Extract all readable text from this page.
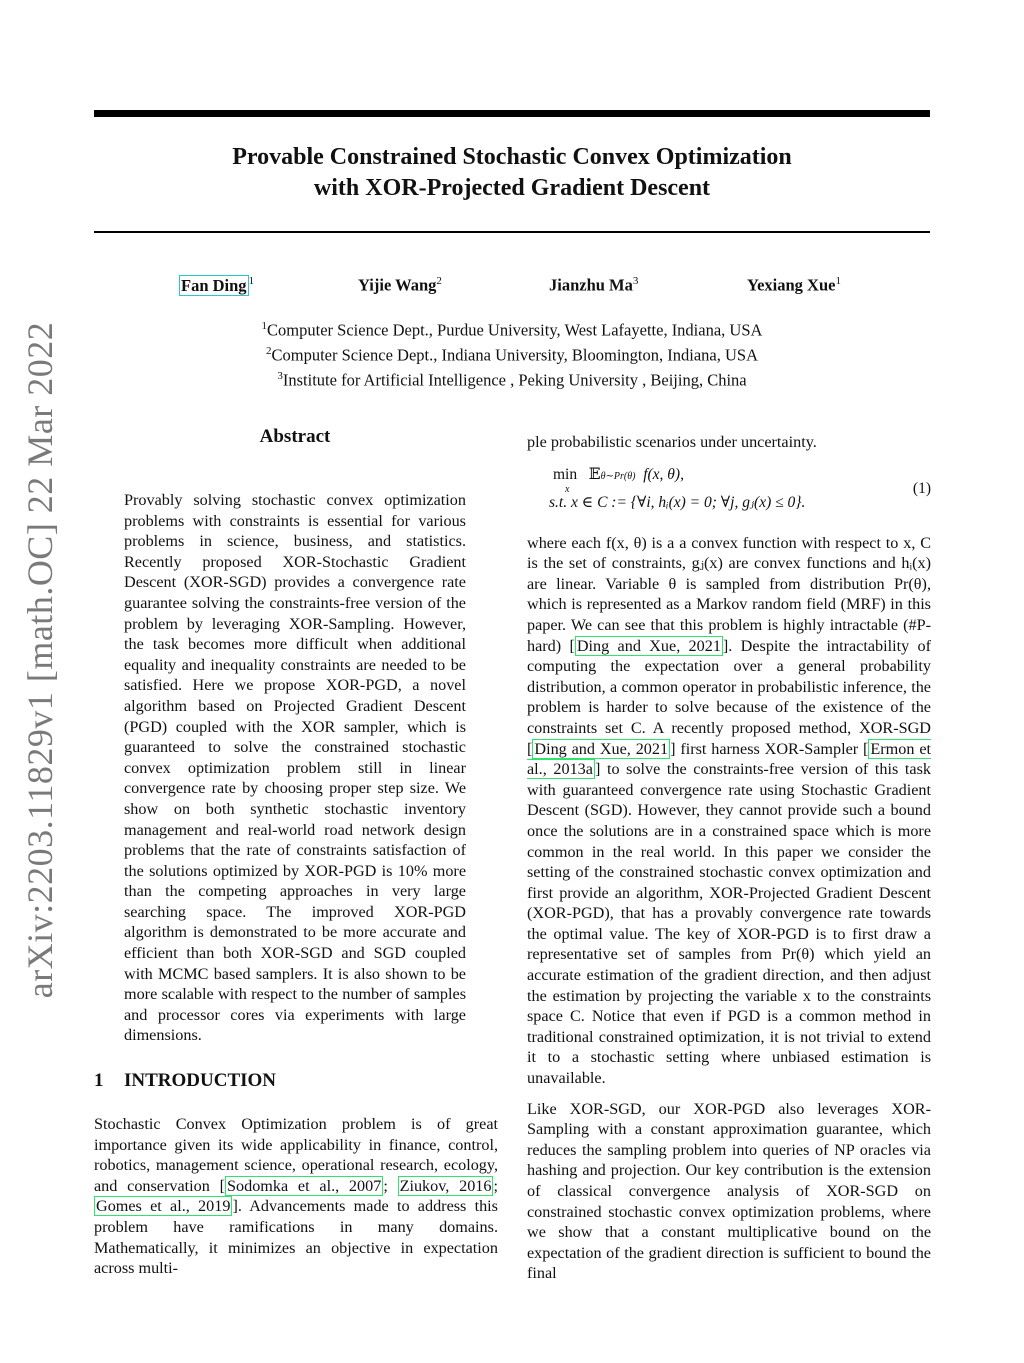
arXiv:2203.11829v1 [math.OC] 22 Mar 2022
Provable Constrained Stochastic Convex Optimization
with XOR-Projected Gradient Descent
Fan Ding $^1$	Yijie Wang$^2$	Jianzhu Ma$^3$	Yexiang Xue$^1$
$^1$Computer Science Dept., Purdue University, West Lafayette, Indiana, USA
$^2$Computer Science Dept., Indiana University, Bloomington, Indiana, USA
$^3$Institute for Artificial Intelligence , Peking University , Beijing, China
Abstract
Provably solving stochastic convex optimization problems with constraints is essential for various problems in science, business, and statistics. Recently proposed XOR-Stochastic Gradient Descent (XOR-SGD) provides a convergence rate guarantee solving the constraints-free version of the problem by leveraging XOR-Sampling. However, the task becomes more difficult when additional equality and inequality constraints are needed to be satisfied. Here we propose XOR-PGD, a novel algorithm based on Projected Gradient Descent (PGD) coupled with the XOR sampler, which is guaranteed to solve the constrained stochastic convex optimization problem still in linear convergence rate by choosing proper step size. We show on both synthetic stochastic inventory management and real-world road network design problems that the rate of constraints satisfaction of the solutions optimized by XOR-PGD is 10% more than the competing approaches in very large searching space. The improved XOR-PGD algorithm is demonstrated to be more accurate and efficient than both XOR-SGD and SGD coupled with MCMC based samplers. It is also shown to be more scalable with respect to the number of samples and processor cores via experiments with large dimensions.
1 INTRODUCTION
Stochastic Convex Optimization problem is of great importance given its wide applicability in finance, control, robotics, management science, operational research, ecology, and conservation [ Sodomka et al., 2007 ; Ziukov, 2016 ; Gomes et al., 2019 ]. Advancements made to address this problem have ramifications in many domains. Mathematically, it minimizes an objective in expectation across multi-

ple probabilistic scenarios under uncertainty.

min
x
𝔼θ∼Pr(θ) f(x, θ),
s.t. x ∈ C := {∀i, hᵢ(x) = 0; ∀j, gⱼ(x) ≤ 0}.
(1)

where each f(x, θ) is a a convex function with respect to x, C is the set of constraints, gⱼ(x) are convex functions and hᵢ(x) are linear. Variable θ is sampled from distribution Pr(θ), which is represented as a Markov random field (MRF) in this paper. We can see that this problem is highly intractable (#P-hard) [ Ding and Xue, 2021 ]. Despite the intractability of computing the expectation over a general probability distribution, a common operator in probabilistic inference, the problem is harder to solve because of the existence of the constraints set C. A recently proposed method, XOR-SGD [ Ding and Xue, 2021 ] first harness XOR-Sampler [ Ermon et al., 2013a ] to solve the constraints-free version of this task with guaranteed convergence rate using Stochastic Gradient Descent (SGD). However, they cannot provide such a bound once the solutions are in a constrained space which is more common in the real world. In this paper we consider the setting of the constrained stochastic convex optimization and first provide an algorithm, XOR-Projected Gradient Descent (XOR-PGD), that has a provably convergence rate towards the optimal value. The key of XOR-PGD is to first draw a representative set of samples from Pr(θ) which yield an accurate estimation of the gradient direction, and then adjust the estimation by projecting the variable x to the constraints space C. Notice that even if PGD is a common method in traditional constrained optimization, it is not trivial to extend it to a stochastic setting where unbiased estimation is unavailable.

Like XOR-SGD, our XOR-PGD also leverages XOR-Sampling with a constant approximation guarantee, which reduces the sampling problem into queries of NP oracles via hashing and projection. Our key contribution is the extension of classical convergence analysis of XOR-SGD on constrained stochastic convex optimization problems, where we show that a constant multiplicative bound on the expectation of the gradient direction is sufficient to bound the final
